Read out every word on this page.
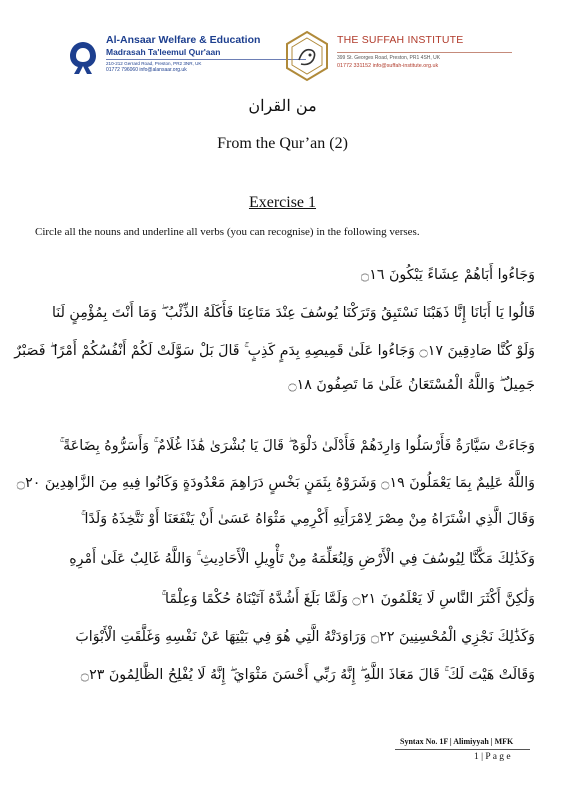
Al-Ansaar Welfare & Education
Madrasah Ta'leemul Qur'aan
210-212 Gerrard Road, Preston, PR2 3NR, UK
01772 796060 info@alansaar.org.uk
THE SUFFAH INSTITUTE
399 St. Georges Road, Preston, PR1 4SH, UK
01772 331152 info@suffah-institute.org.uk
من القران
From the Qur’an (2)
Exercise 1
Circle all the nouns and underline all verbs (you can recognise) in the following verses.
وَجَاءُوا أَبَاهُمْ عِشَاءً يَبْكُونَ ۝١٦
قَالُوا يَا أَبَانَا إِنَّا ذَهَبْنَا نَسْتَبِقُ وَتَرَكْنَا يُوسُفَ عِنْدَ مَتَاعِنَا فَأَكَلَهُ الذِّئْبُ ۖ وَمَا أَنْتَ بِمُؤْمِنٍ لَنَا
وَلَوْ كُنَّا صَادِقِينَ ۝١٧ وَجَاءُوا عَلَىٰ قَمِيصِهِ بِدَمٍ كَذِبٍ ۚ قَالَ بَلْ سَوَّلَتْ لَكُمْ أَنْفُسُكُمْ أَمْرًا ۖ فَصَبْرٌ
جَمِيلٌ ۖ وَاللَّهُ الْمُسْتَعَانُ عَلَىٰ مَا تَصِفُونَ ۝١٨
وَجَاءَتْ سَيَّارَةٌ فَأَرْسَلُوا وَارِدَهُمْ فَأَدْلَىٰ دَلْوَهُ ۖ قَالَ يَا بُشْرَىٰ هَٰذَا غُلَامٌ ۚ وَأَسَرُّوهُ بِضَاعَةً ۚ
وَاللَّهُ عَلِيمٌ بِمَا يَعْمَلُونَ ۝١٩ وَشَرَوْهُ بِثَمَنٍ بَخْسٍ دَرَاهِمَ مَعْدُودَةٍ وَكَانُوا فِيهِ مِنَ الزَّاهِدِينَ ۝٢٠
وَقَالَ الَّذِي اشْتَرَاهُ مِنْ مِصْرَ لِامْرَأَتِهِ أَكْرِمِي مَثْوَاهُ عَسَىٰ أَنْ يَنْفَعَنَا أَوْ نَتَّخِذَهُ وَلَدًا ۚ
وَكَذَٰلِكَ مَكَّنَّا لِيُوسُفَ فِي الْأَرْضِ وَلِنُعَلِّمَهُ مِنْ تَأْوِيلِ الْأَحَادِيثِ ۚ وَاللَّهُ غَالِبٌ عَلَىٰ أَمْرِهِ
وَلَٰكِنَّ أَكْثَرَ النَّاسِ لَا يَعْلَمُونَ ۝٢١ وَلَمَّا بَلَغَ أَشُدَّهُ آتَيْنَاهُ حُكْمًا وَعِلْمًا ۚ
وَكَذَٰلِكَ نَجْزِي الْمُحْسِنِينَ ۝٢٢ وَرَاوَدَتْهُ الَّتِي هُوَ فِي بَيْتِهَا عَنْ نَفْسِهِ وَغَلَّقَتِ الْأَبْوَابَ
وَقَالَتْ هَيْتَ لَكَ ۚ قَالَ مَعَاذَ اللَّهِ ۖ إِنَّهُ رَبِّي أَحْسَنَ مَثْوَايَ ۖ إِنَّهُ لَا يُفْلِحُ الظَّالِمُونَ ۝٢٣
Syntax No. 1F | Alimiyyah | MFK
1 | P a g e
